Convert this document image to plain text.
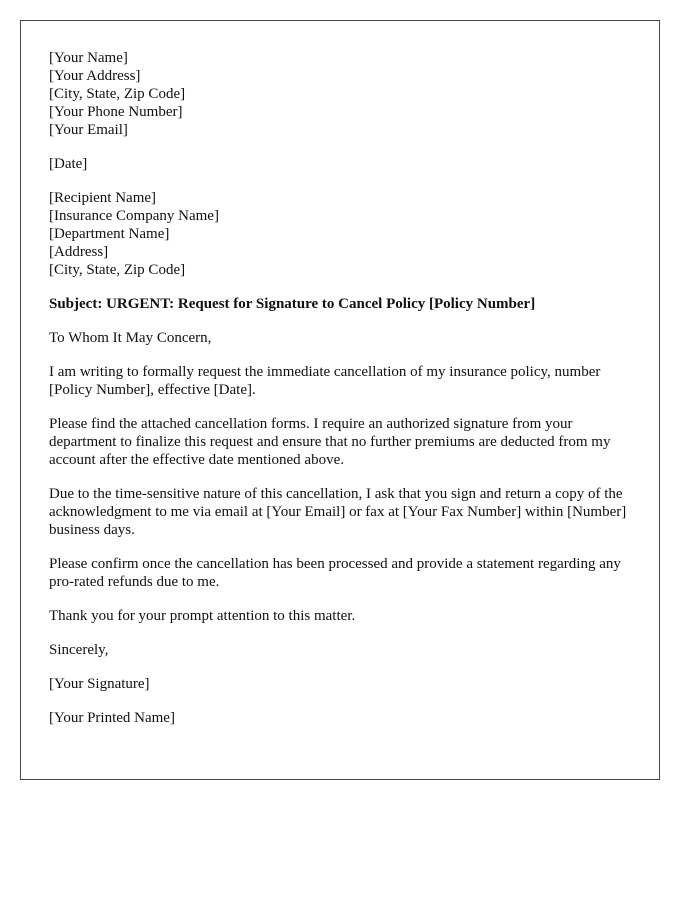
[Your Name]
[Your Address]
[City, State, Zip Code]
[Your Phone Number]
[Your Email]
[Date]
[Recipient Name]
[Insurance Company Name]
[Department Name]
[Address]
[City, State, Zip Code]

Subject: URGENT: Request for Signature to Cancel Policy [Policy Number]

To Whom It May Concern,

I am writing to formally request the immediate cancellation of my insurance policy, number [Policy Number], effective [Date].

Please find the attached cancellation forms. I require an authorized signature from your department to finalize this request and ensure that no further premiums are deducted from my account after the effective date mentioned above.

Due to the time-sensitive nature of this cancellation, I ask that you sign and return a copy of the acknowledgment to me via email at [Your Email] or fax at [Your Fax Number] within [Number] business days.

Please confirm once the cancellation has been processed and provide a statement regarding any pro-rated refunds due to me.

Thank you for your prompt attention to this matter.

Sincerely,

[Your Signature]

[Your Printed Name]
